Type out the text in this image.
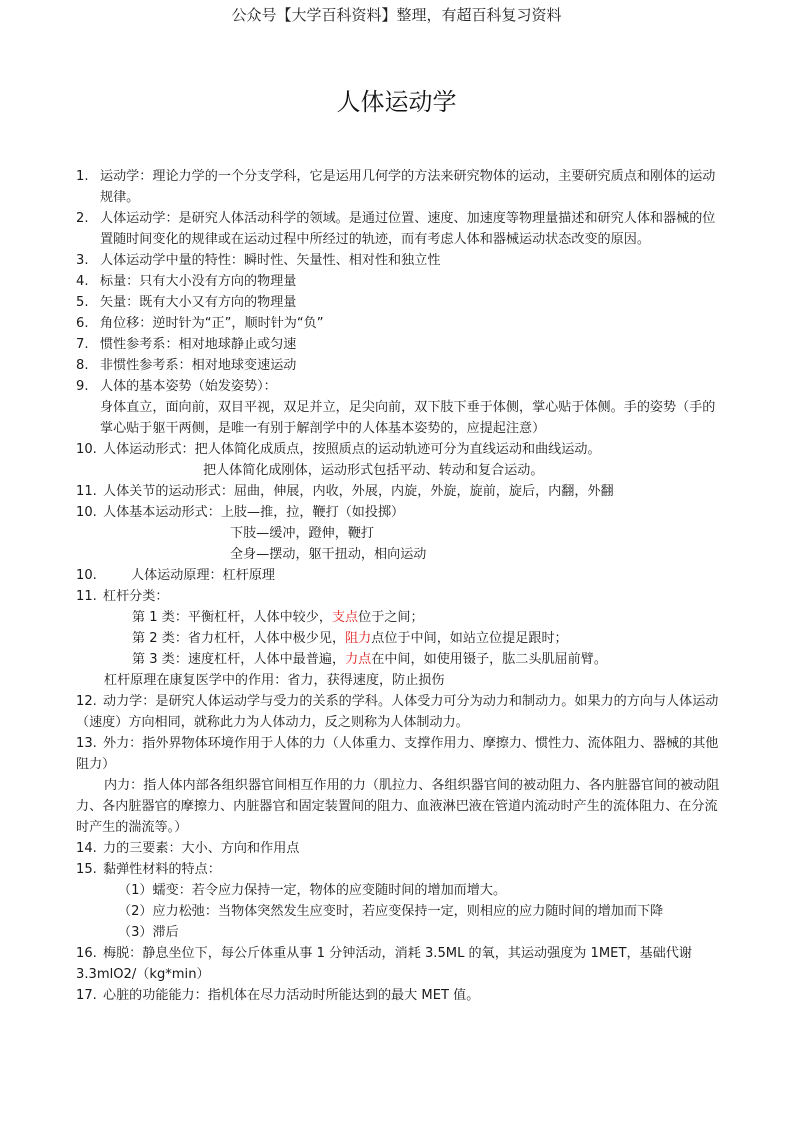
公众号【大学百科资料】整理，有超百科复习资料
人体运动学
1. 运动学：理论力学的一个分支学科，它是运用几何学的方法来研究物体的运动，主要研究质点和刚体的运动规律。
2. 人体运动学：是研究人体活动科学的领域。是通过位置、速度、加速度等物理量描述和研究人体和器械的位置随时间变化的规律或在运动过程中所经过的轨迹，而有考虑人体和器械运动状态改变的原因。
3. 人体运动学中量的特性：瞬时性、矢量性、相对性和独立性
4. 标量：只有大小没有方向的物理量
5. 矢量：既有大小又有方向的物理量
6. 角位移：逆时针为“正”，顺时针为“负”
7. 惯性参考系：相对地球静止或匀速
8. 非惯性参考系：相对地球变速运动
9. 人体的基本姿势（始发姿势）：
身体直立，面向前，双目平视，双足并立，足尖向前，双下肢下垂于体侧，掌心贴于体侧。手的姿势（手的掌心贴于躯干两侧，是唯一有别于解剖学中的人体基本姿势的，应提起注意）
10. 人体运动形式：把人体简化成质点，按照质点的运动轨迹可分为直线运动和曲线运动。
把人体简化成刚体，运动形式包括平动、转动和复合运动。
11. 人体关节的运动形式：屈曲，伸展，内收，外展，内旋，外旋，旋前，旋后，内翻，外翻
10. 人体基本运动形式：上肢—推，拉，鞭打（如投掷）
下肢—缓冲，蹬伸，鞭打
全身—摆动，躯干扭动，相向运动
10.	人体运动原理：杠杆原理
11. 杠杆分类：
第 1 类：平衡杠杆，人体中较少，支点位于之间；
第 2 类：省力杠杆，人体中极少见，阻力点位于中间，如站立位提足跟时；
第 3 类：速度杠杆，人体中最普遍，力点在中间，如使用镊子，肱二头肌屈前臂。
杠杆原理在康复医学中的作用：省力，获得速度，防止损伤
12. 动力学：是研究人体运动学与受力的关系的学科。人体受力可分为动力和制动力。如果力的方向与人体运动（速度）方向相同，就称此力为人体动力，反之则称为人体制动力。
13. 外力：指外界物体环境作用于人体的力（人体重力、支撑作用力、摩擦力、惯性力、流体阻力、器械的其他阻力）
内力：指人体内部各组织器官间相互作用的力（肌拉力、各组织器官间的被动阻力、各内脏器官间的被动阻力、各内脏器官的摩擦力、内脏器官和固定装置间的阻力、血液淋巴液在管道内流动时产生的流体阻力、在分流时产生的湍流等。）
14. 力的三要素：大小、方向和作用点
15. 黏弹性材料的特点：
（1）蠕变：若令应力保持一定，物体的应变随时间的增加而增大。
（2）应力松弛：当物体突然发生应变时，若应变保持一定，则相应的应力随时间的增加而下降
（3）滞后
16. 梅脱：静息坐位下，每公斤体重从事 1 分钟活动，消耗 3.5ML 的氧，其运动强度为 1MET，基础代谢 3.3mlO2/（kg*min）
17. 心脏的功能能力：指机体在尽力活动时所能达到的最大 MET 值。
